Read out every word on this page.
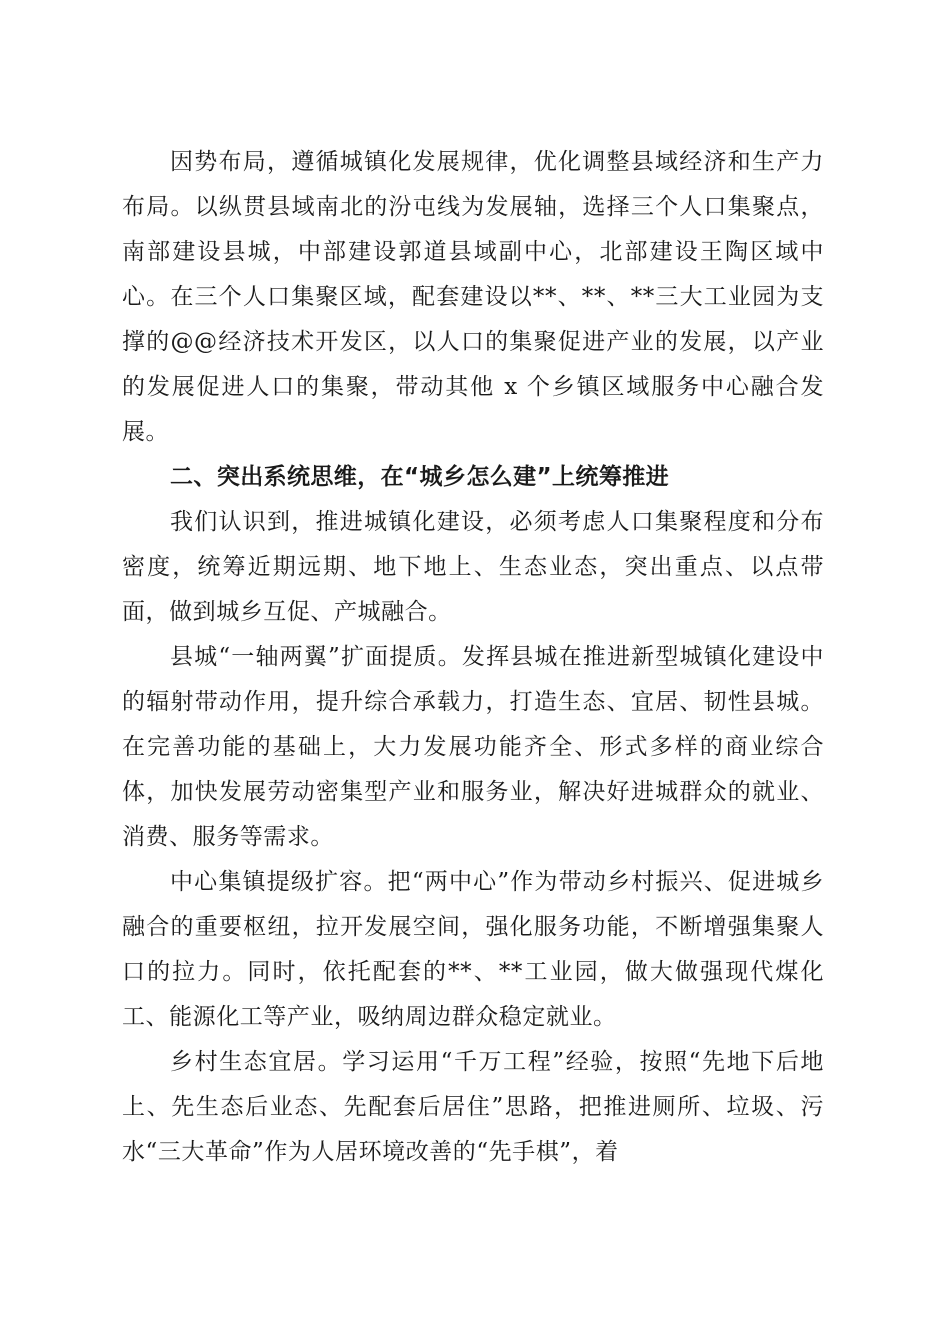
因势布局，遵循城镇化发展规律，优化调整县域经济和生产力布局。以纵贯县域南北的汾屯线为发展轴，选择三个人口集聚点，南部建设县城，中部建设郭道县域副中心，北部建设王陶区域中心。在三个人口集聚区域，配套建设以**、**、**三大工业园为支撑的@@经济技术开发区，以人口的集聚促进产业的发展，以产业的发展促进人口的集聚，带动其他 x 个乡镇区域服务中心融合发展。

二、突出系统思维，在“城乡怎么建”上统筹推进

我们认识到，推进城镇化建设，必须考虑人口集聚程度和分布密度，统筹近期远期、地下地上、生态业态，突出重点、以点带面，做到城乡互促、产城融合。

县城“一轴两翼”扩面提质。发挥县城在推进新型城镇化建设中的辐射带动作用，提升综合承载力，打造生态、宜居、韧性县城。在完善功能的基础上，大力发展功能齐全、形式多样的商业综合体，加快发展劳动密集型产业和服务业，解决好进城群众的就业、消费、服务等需求。

中心集镇提级扩容。把“两中心”作为带动乡村振兴、促进城乡融合的重要枢纽，拉开发展空间，强化服务功能，不断增强集聚人口的拉力。同时，依托配套的**、**工业园，做大做强现代煤化工、能源化工等产业，吸纳周边群众稳定就业。

乡村生态宜居。学习运用“千万工程”经验，按照“先地下后地上、先生态后业态、先配套后居住”思路，把推进厕所、垃圾、污水“三大革命”作为人居环境改善的“先手棋”，着
